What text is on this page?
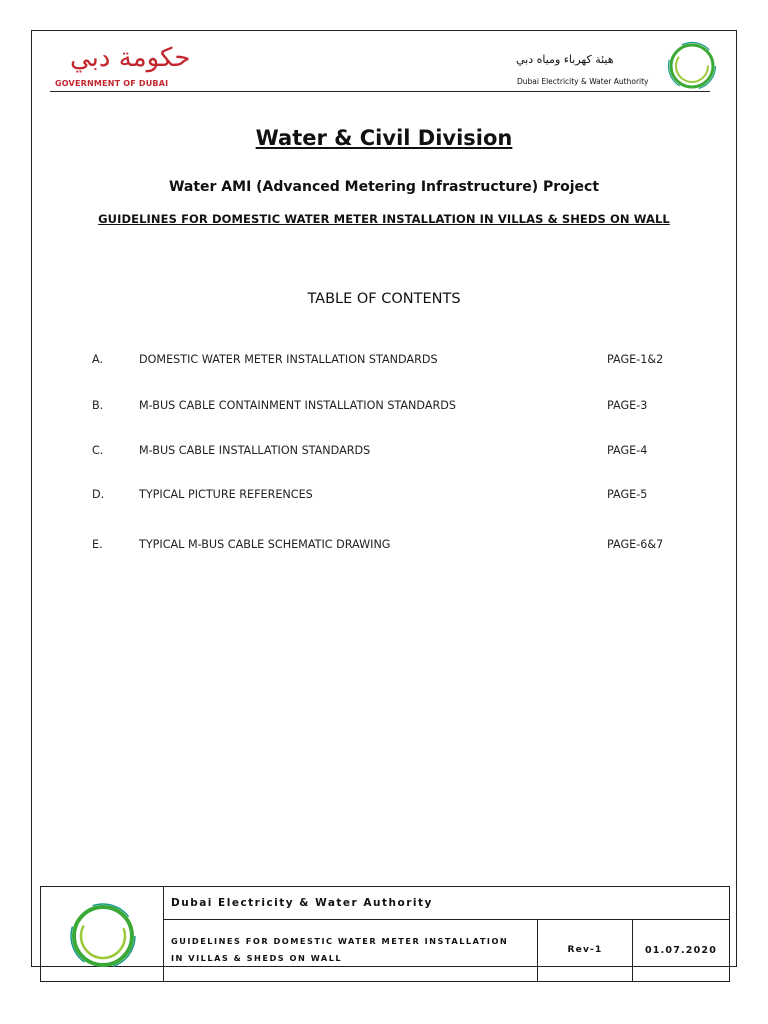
حكومة دبي
GOVERNMENT OF DUBAI
هيئة كهرباء ومياه دبي
Dubai Electricity & Water Authority
Water & Civil Division
Water AMI (Advanced Metering Infrastructure) Project
GUIDELINES FOR DOMESTIC WATER METER INSTALLATION IN VILLAS & SHEDS ON WALL
TABLE OF CONTENTS
A.	DOMESTIC WATER METER INSTALLATION STANDARDS	PAGE-1&2
B.	M-BUS CABLE CONTAINMENT INSTALLATION STANDARDS	PAGE-3
C.	M-BUS CABLE INSTALLATION STANDARDS	PAGE-4
D.	TYPICAL PICTURE REFERENCES	PAGE-5
E.	TYPICAL M-BUS CABLE SCHEMATIC DRAWING	PAGE-6&7
	Dubai Electricity & Water Authority		

	GUIDELINES FOR DOMESTIC WATER METER INSTALLATION
IN VILLAS & SHEDS ON WALL	Rev-1	01.07.2020
